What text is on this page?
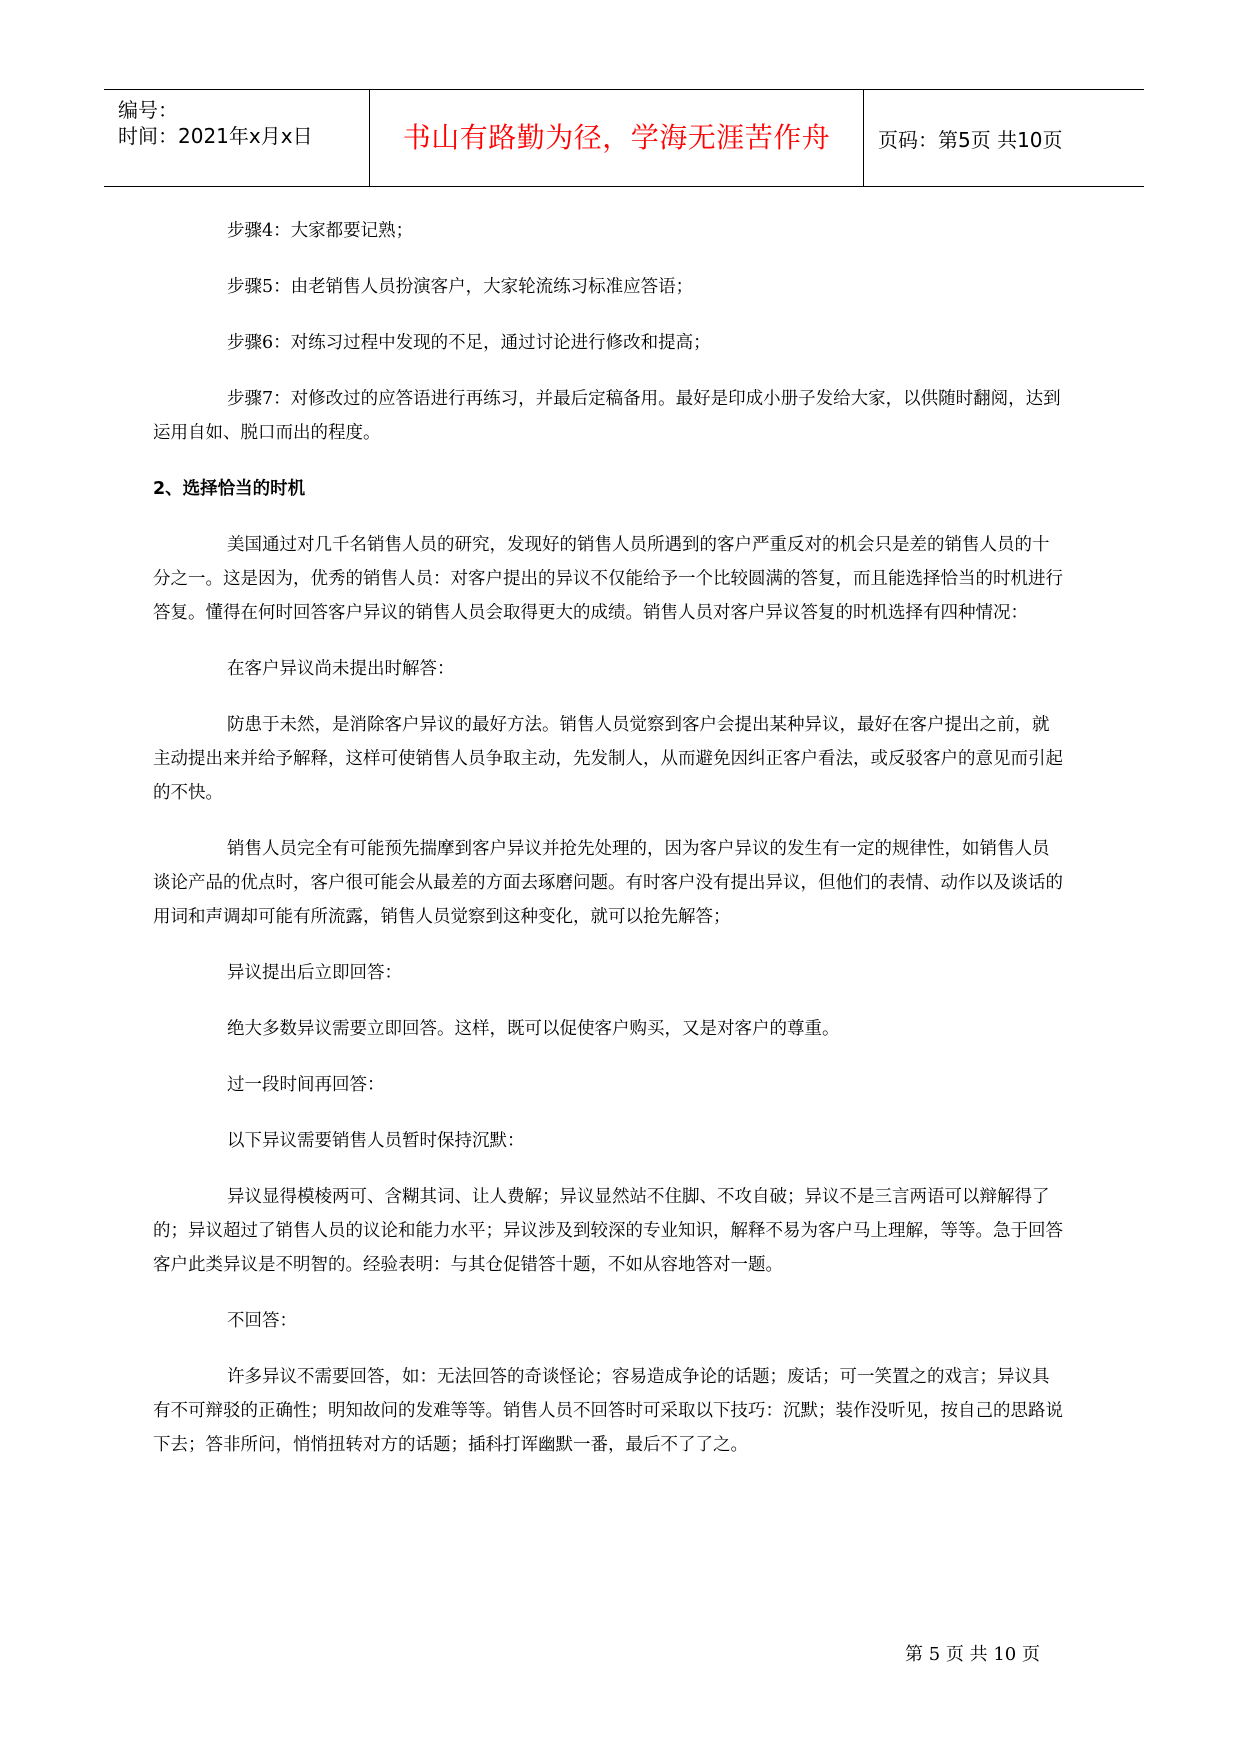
编号：
时间：2021年x月x日	书山有路勤为径，学海无涯苦作舟	页码：第5页 共10页

步骤4：大家都要记熟；

步骤5：由老销售人员扮演客户，大家轮流练习标准应答语；

步骤6：对练习过程中发现的不足，通过讨论进行修改和提高；

步骤7：对修改过的应答语进行再练习，并最后定稿备用。最好是印成小册子发给大家，以供随时翻阅，达到运用自如、脱口而出的程度。

2、选择恰当的时机

美国通过对几千名销售人员的研究，发现好的销售人员所遇到的客户严重反对的机会只是差的销售人员的十分之一。这是因为，优秀的销售人员：对客户提出的异议不仅能给予一个比较圆满的答复，而且能选择恰当的时机进行答复。懂得在何时回答客户异议的销售人员会取得更大的成绩。销售人员对客户异议答复的时机选择有四种情况：

在客户异议尚未提出时解答：

防患于未然，是消除客户异议的最好方法。销售人员觉察到客户会提出某种异议，最好在客户提出之前，就主动提出来并给予解释，这样可使销售人员争取主动，先发制人，从而避免因纠正客户看法，或反驳客户的意见而引起的不快。

销售人员完全有可能预先揣摩到客户异议并抢先处理的，因为客户异议的发生有一定的规律性，如销售人员谈论产品的优点时，客户很可能会从最差的方面去琢磨问题。有时客户没有提出异议，但他们的表情、动作以及谈话的用词和声调却可能有所流露，销售人员觉察到这种变化，就可以抢先解答；

异议提出后立即回答：

绝大多数异议需要立即回答。这样，既可以促使客户购买，又是对客户的尊重。

过一段时间再回答：

以下异议需要销售人员暂时保持沉默：

异议显得模棱两可、含糊其词、让人费解；异议显然站不住脚、不攻自破；异议不是三言两语可以辩解得了的；异议超过了销售人员的议论和能力水平；异议涉及到较深的专业知识，解释不易为客户马上理解，等等。急于回答客户此类异议是不明智的。经验表明：与其仓促错答十题，不如从容地答对一题。

不回答：

许多异议不需要回答，如：无法回答的奇谈怪论；容易造成争论的话题；废话；可一笑置之的戏言；异议具有不可辩驳的正确性；明知故问的发难等等。销售人员不回答时可采取以下技巧：沉默；装作没听见，按自己的思路说下去；答非所问，悄悄扭转对方的话题；插科打诨幽默一番，最后不了了之。

第 5 页 共 10 页
